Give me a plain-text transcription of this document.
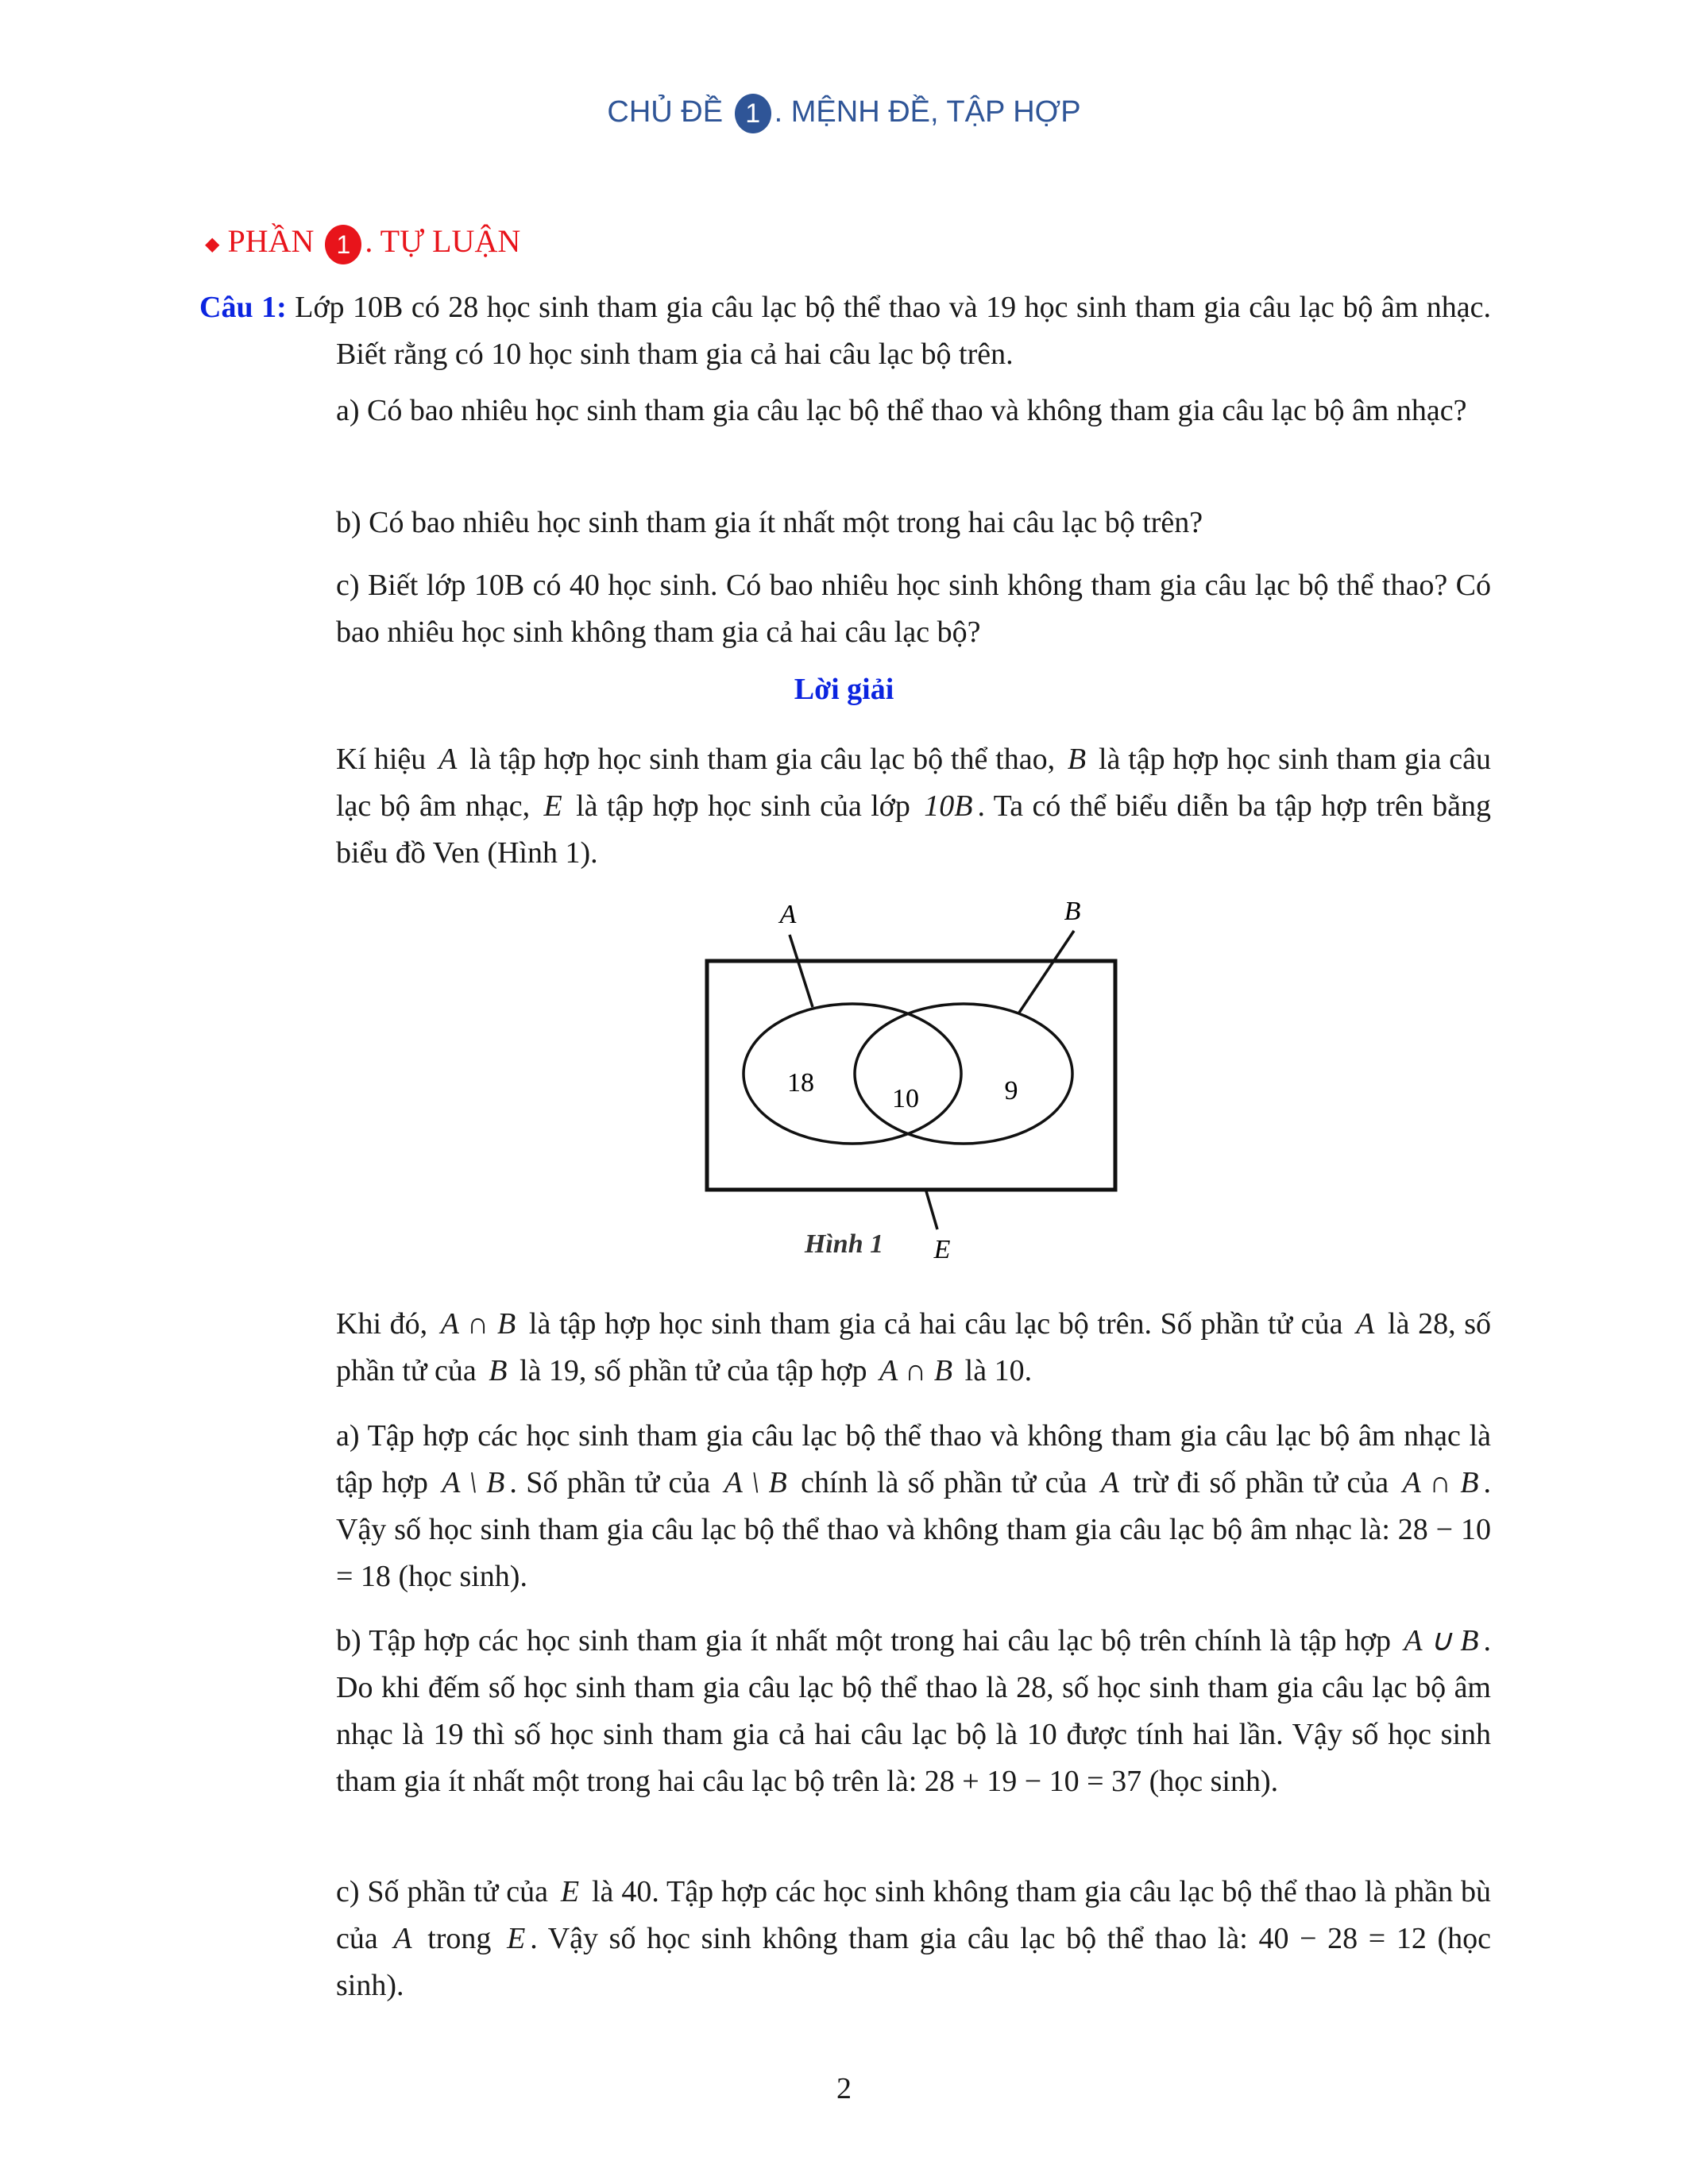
CHỦ ĐỀ 1 . MỆNH ĐỀ, TẬP HỢP
◆ PHẦN 1 . TỰ LUẬN

Câu 1: Lớp 10B có 28 học sinh tham gia câu lạc bộ thể thao và 19 học sinh tham gia câu lạc bộ âm nhạc. Biết rằng có 10 học sinh tham gia cả hai câu lạc bộ trên.

a) Có bao nhiêu học sinh tham gia câu lạc bộ thể thao và không tham gia câu lạc bộ âm nhạc?

b) Có bao nhiêu học sinh tham gia ít nhất một trong hai câu lạc bộ trên?

c) Biết lớp 10B có 40 học sinh. Có bao nhiêu học sinh không tham gia câu lạc bộ thể thao? Có bao nhiêu học sinh không tham gia cả hai câu lạc bộ?

Lời giải

Kí hiệu A là tập hợp học sinh tham gia câu lạc bộ thể thao, B là tập hợp học sinh tham gia câu lạc bộ âm nhạc, E là tập hợp học sinh của lớp 10B . Ta có thể biểu diễn ba tập hợp trên bằng biểu đồ Ven (Hình 1).

A	B
E
18
10	9
Hình 1

Khi đó, A ∩ B là tập hợp học sinh tham gia cả hai câu lạc bộ trên. Số phần tử của A là 28, số phần tử của B là 19, số phần tử của tập hợp A ∩ B là 10.

a) Tập hợp các học sinh tham gia câu lạc bộ thể thao và không tham gia câu lạc bộ âm nhạc là tập hợp A \ B . Số phần tử của A \ B chính là số phần tử của A trừ đi số phần tử của A ∩ B . Vậy số học sinh tham gia câu lạc bộ thể thao và không tham gia câu lạc bộ âm nhạc là: 28 − 10 = 18 (học sinh).

b) Tập hợp các học sinh tham gia ít nhất một trong hai câu lạc bộ trên chính là tập hợp A ∪ B . Do khi đếm số học sinh tham gia câu lạc bộ thể thao là 28, số học sinh tham gia câu lạc bộ âm nhạc là 19 thì số học sinh tham gia cả hai câu lạc bộ là 10 được tính hai lần. Vậy số học sinh tham gia ít nhất một trong hai câu lạc bộ trên là: 28 + 19 − 10 = 37 (học sinh).

c) Số phần tử của E là 40. Tập hợp các học sinh không tham gia câu lạc bộ thể thao là phần bù của A trong E . Vậy số học sinh không tham gia câu lạc bộ thể thao là: 40 − 28 = 12 (học sinh).

2
